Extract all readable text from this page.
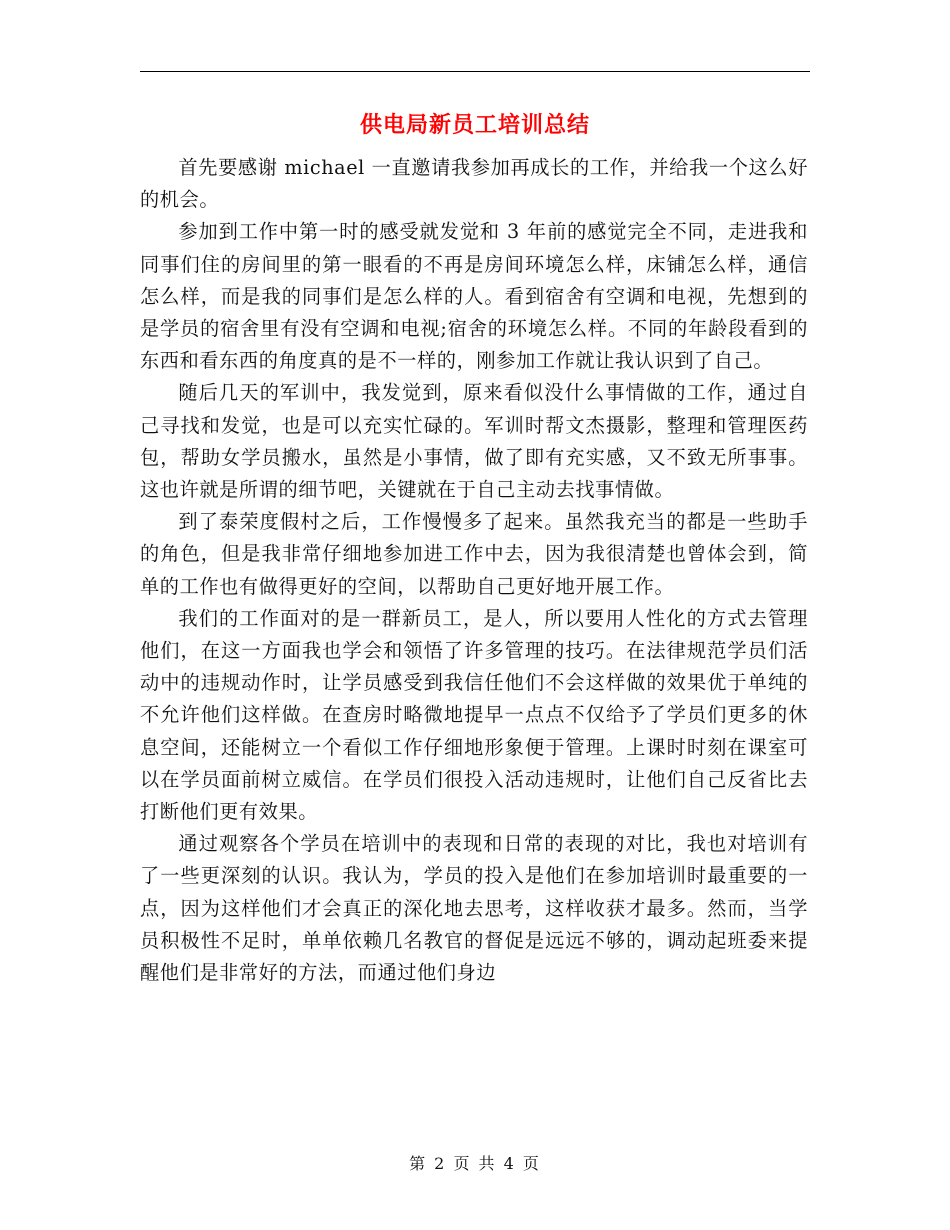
供电局新员工培训总结

首先要感谢 michael 一直邀请我参加再成长的工作，并给我一个这么好的机会。

参加到工作中第一时的感受就发觉和 3 年前的感觉完全不同，走进我和同事们住的房间里的第一眼看的不再是房间环境怎么样，床铺怎么样，通信怎么样，而是我的同事们是怎么样的人。看到宿舍有空调和电视，先想到的是学员的宿舍里有没有空调和电视;宿舍的环境怎么样。不同的年龄段看到的东西和看东西的角度真的是不一样的，刚参加工作就让我认识到了自己。

随后几天的军训中，我发觉到，原来看似没什么事情做的工作，通过自己寻找和发觉，也是可以充实忙碌的。军训时帮文杰摄影，整理和管理医药包，帮助女学员搬水，虽然是小事情，做了即有充实感，又不致无所事事。这也许就是所谓的细节吧，关键就在于自己主动去找事情做。

到了泰荣度假村之后，工作慢慢多了起来。虽然我充当的都是一些助手的角色，但是我非常仔细地参加进工作中去，因为我很清楚也曾体会到，简单的工作也有做得更好的空间，以帮助自己更好地开展工作。

我们的工作面对的是一群新员工，是人，所以要用人性化的方式去管理他们，在这一方面我也学会和领悟了许多管理的技巧。在法律规范学员们活动中的违规动作时，让学员感受到我信任他们不会这样做的效果优于单纯的不允许他们这样做。在查房时略微地提早一点点不仅给予了学员们更多的休息空间，还能树立一个看似工作仔细地形象便于管理。上课时时刻在课室可以在学员面前树立威信。在学员们很投入活动违规时，让他们自己反省比去打断他们更有效果。

通过观察各个学员在培训中的表现和日常的表现的对比，我也对培训有了一些更深刻的认识。我认为，学员的投入是他们在参加培训时最重要的一点，因为这样他们才会真正的深化地去思考，这样收获才最多。然而，当学员积极性不足时，单单依赖几名教官的督促是远远不够的，调动起班委来提醒他们是非常好的方法，而通过他们身边

第 2 页 共 4 页
